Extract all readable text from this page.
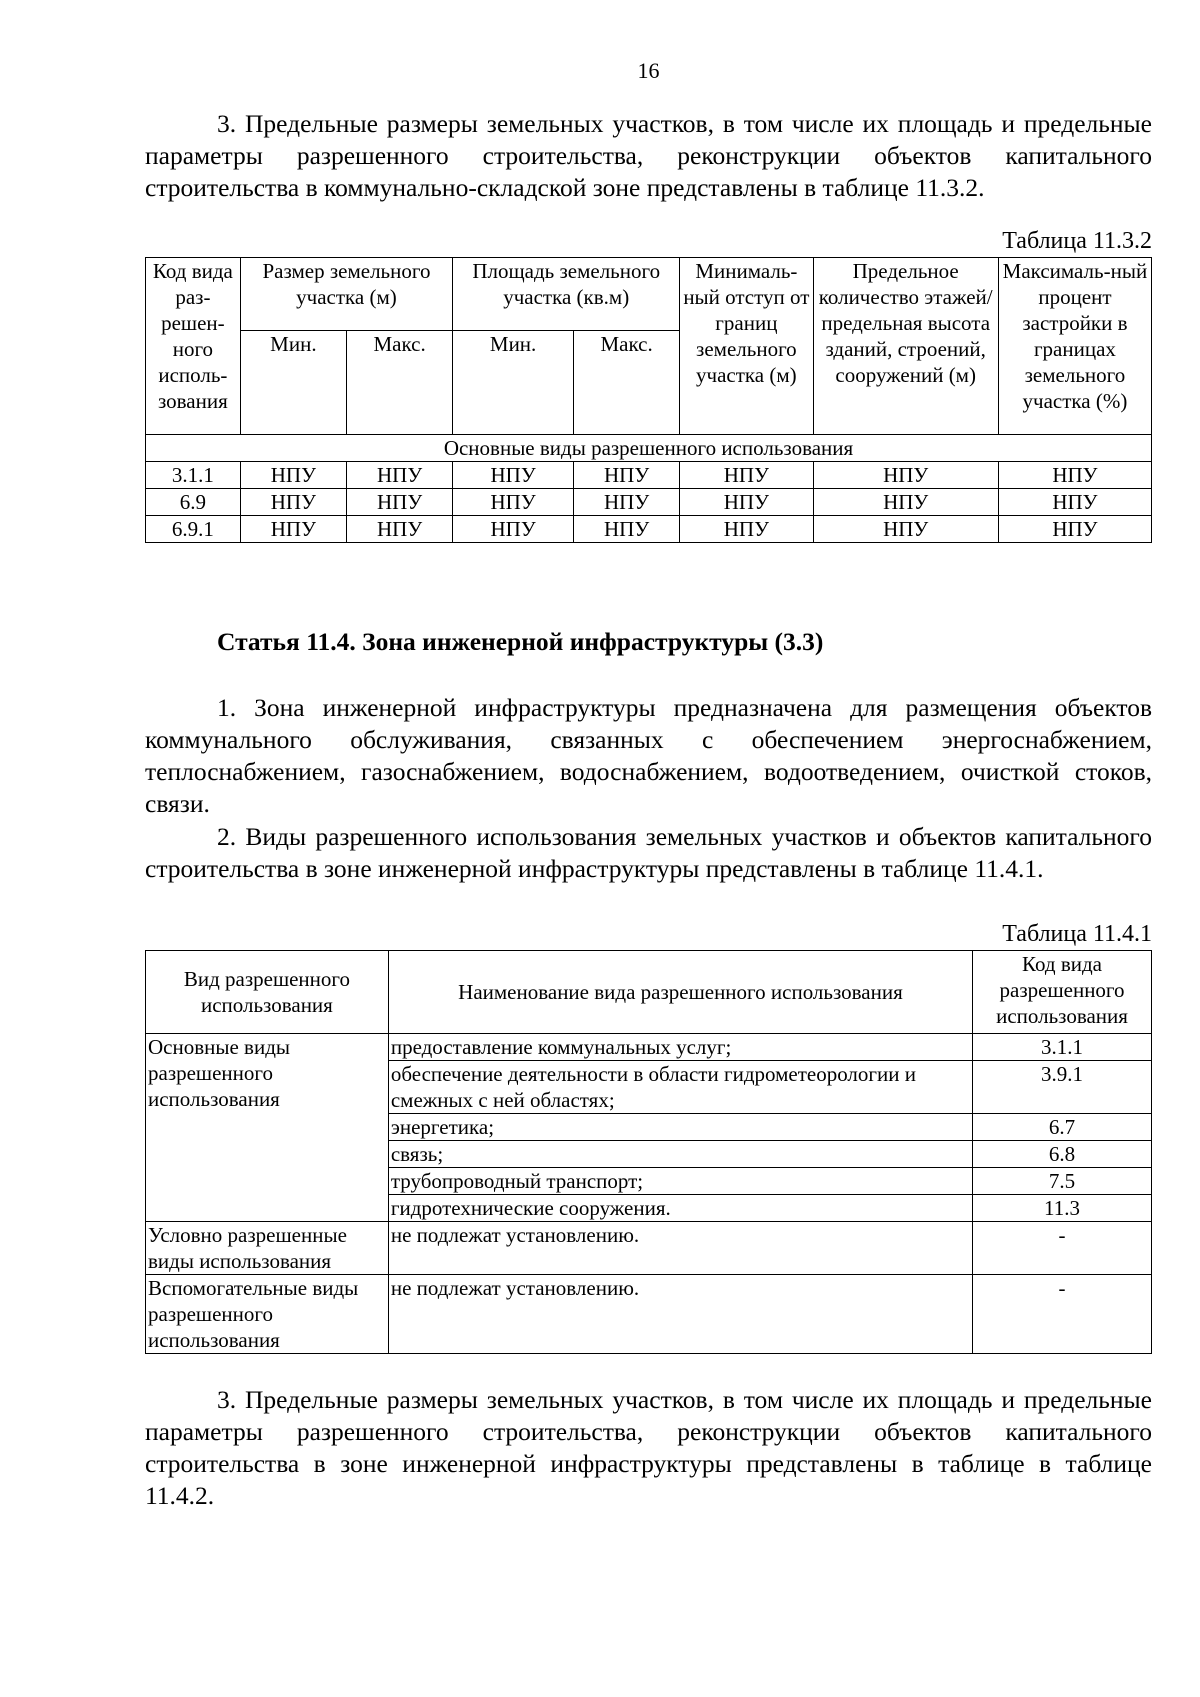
16
3. Предельные размеры земельных участков, в том числе их площадь и предельные параметры разрешенного строительства, реконструкции объектов капитального строительства в коммунально-складской зоне представлены в таблице 11.3.2.
Таблица 11.3.2
Код вида раз-решен-ного исполь-зования	Размер земельного участка (м)		Площадь земельного участка (кв.м)		Минималь-ный отступ от границ земельного участка (м)	Предельное количество этажей/ предельная высота зданий, строений, сооружений (м)	Максималь-ный процент застройки в границах земельного участка (%)
	Мин.	Макс.	Мин.	Макс.			
Основные виды разрешенного использования							
3.1.1	НПУ	НПУ	НПУ	НПУ	НПУ	НПУ	НПУ
6.9	НПУ	НПУ	НПУ	НПУ	НПУ	НПУ	НПУ
6.9.1	НПУ	НПУ	НПУ	НПУ	НПУ	НПУ	НПУ
Статья 11.4. Зона инженерной инфраструктуры (3.3)
1. Зона инженерной инфраструктуры предназначена для размещения объектов коммунального обслуживания, связанных с обеспечением энергоснабжением, теплоснабжением, газоснабжением, водоснабжением, водоотведением, очисткой стоков, связи.
2. Виды разрешенного использования земельных участков и объектов капитального строительства в зоне инженерной инфраструктуры представлены в таблице 11.4.1.
Таблица 11.4.1
Вид разрешенного использования	Наименование вида разрешенного использования	Код вида разрешенного использования
Основные виды разрешенного использования	предоставление коммунальных услуг;	3.1.1
	обеспечение деятельности в области гидрометеорологии и смежных с ней областях;	3.9.1
	энергетика;	6.7
	связь;	6.8
	трубопроводный транспорт;	7.5
	гидротехнические сооружения.	11.3
Условно разрешенные виды использования	не подлежат установлению.	-
Вспомогательные виды разрешенного использования	не подлежат установлению.	-
3. Предельные размеры земельных участков, в том числе их площадь и предельные параметры разрешенного строительства, реконструкции объектов капитального строительства в зоне инженерной инфраструктуры представлены в таблице в таблице 11.4.2.
